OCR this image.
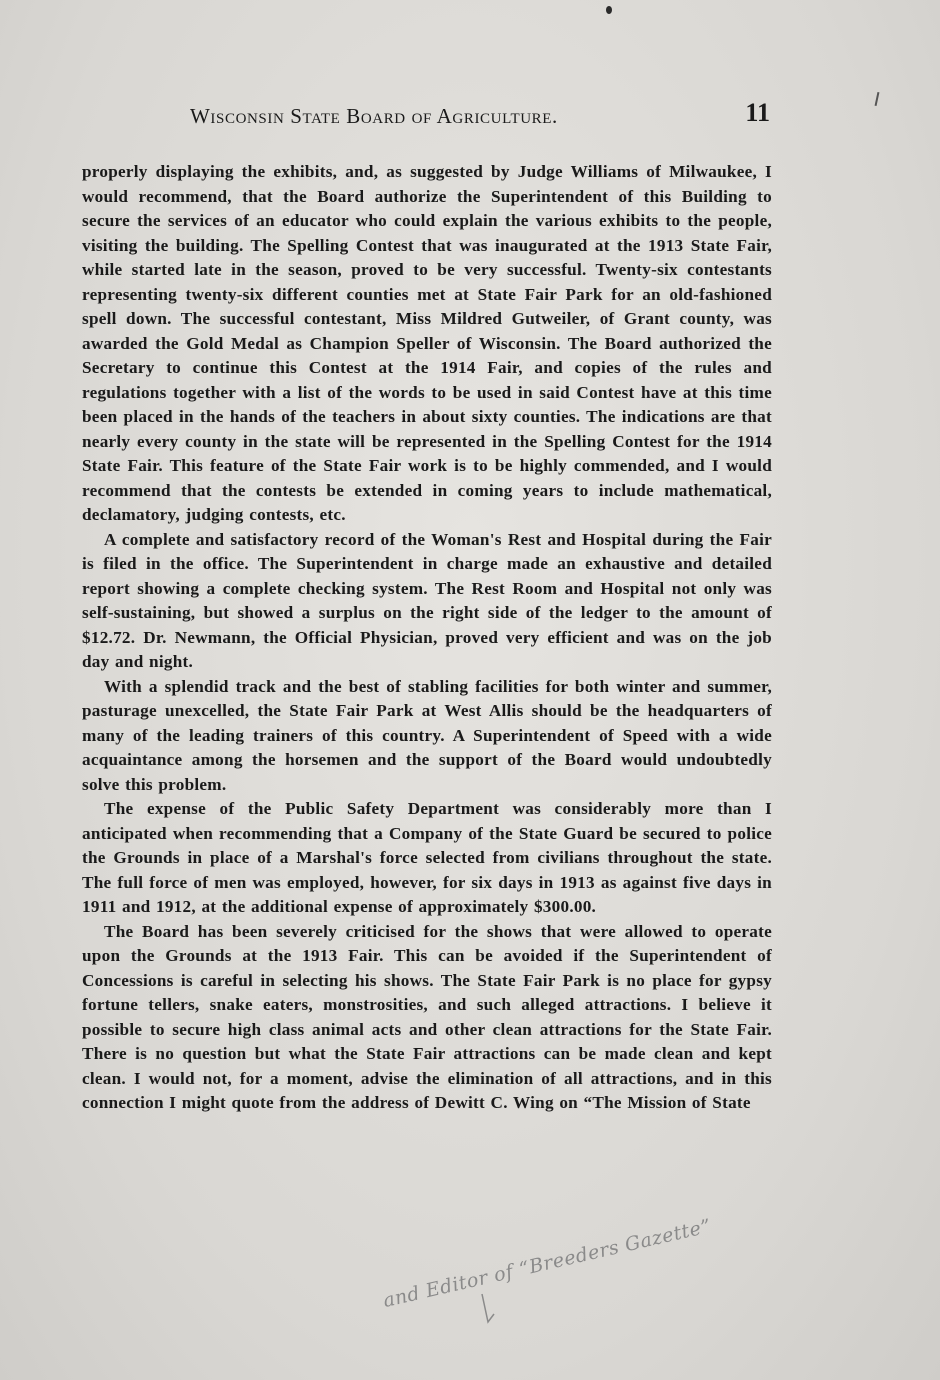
Wisconsin State Board of Agriculture.	11

properly displaying the exhibits, and, as suggested by Judge Williams of Milwaukee, I would recommend, that the Board authorize the Superintendent of this Building to secure the services of an educator who could explain the various exhibits to the people, visiting the building. The Spelling Contest that was inaugurated at the 1913 State Fair, while started late in the season, proved to be very successful. Twenty-six contestants representing twenty-six different counties met at State Fair Park for an old-fashioned spell down. The successful contestant, Miss Mildred Gutweiler, of Grant county, was awarded the Gold Medal as Champion Speller of Wisconsin. The Board authorized the Secretary to continue this Contest at the 1914 Fair, and copies of the rules and regulations together with a list of the words to be used in said Contest have at this time been placed in the hands of the teachers in about sixty counties. The indications are that nearly every county in the state will be represented in the Spelling Contest for the 1914 State Fair. This feature of the State Fair work is to be highly commended, and I would recommend that the contests be extended in coming years to include mathematical, declamatory, judging contests, etc.

A complete and satisfactory record of the Woman's Rest and Hospital during the Fair is filed in the office. The Superintendent in charge made an exhaustive and detailed report showing a complete checking system. The Rest Room and Hospital not only was self-sustaining, but showed a surplus on the right side of the ledger to the amount of $12.72. Dr. Newmann, the Official Physician, proved very efficient and was on the job day and night.

With a splendid track and the best of stabling facilities for both winter and summer, pasturage unexcelled, the State Fair Park at West Allis should be the headquarters of many of the leading trainers of this country. A Superintendent of Speed with a wide acquaintance among the horsemen and the support of the Board would undoubtedly solve this problem.

The expense of the Public Safety Department was considerably more than I anticipated when recommending that a Company of the State Guard be secured to police the Grounds in place of a Marshal's force selected from civilians throughout the state. The full force of men was employed, however, for six days in 1913 as against five days in 1911 and 1912, at the additional expense of approximately $300.00.

The Board has been severely criticised for the shows that were allowed to operate upon the Grounds at the 1913 Fair. This can be avoided if the Superintendent of Concessions is careful in selecting his shows. The State Fair Park is no place for gypsy fortune tellers, snake eaters, monstrosities, and such alleged attractions. I believe it possible to secure high class animal acts and other clean attractions for the State Fair. There is no question but what the State Fair attractions can be made clean and kept clean. I would not, for a moment, advise the elimination of all attractions, and in this connection I might quote from the address of Dewitt C. Wing on “The Mission of State

and Editor of “Breeders Gazette”
